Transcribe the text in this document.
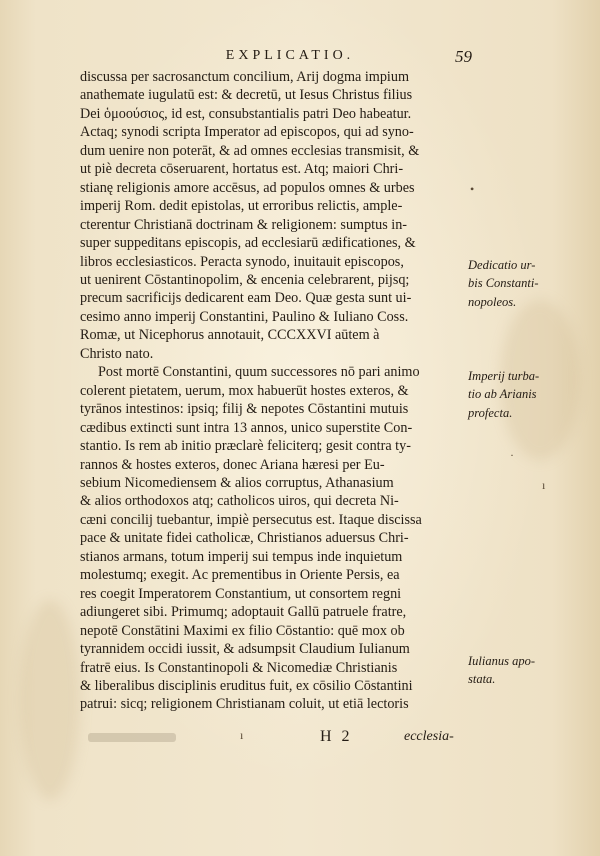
EXPLICATIO.	59
discussa per sacrosanctum concilium, Arij dogma impium
anathemate iugulatū est: & decretū, ut Iesus Christus filius
Dei ὁμοούσιος, id est, consubstantialis patri Deo habeatur.
Actaq; synodi scripta Imperator ad episcopos, qui ad syno-
dum uenire non poterāt, & ad omnes ecclesias transmisit, &
ut piè decreta cōseruarent, hortatus est. Atq; maiori Chri-
stianę religionis amore accēsus, ad populos omnes & urbes
imperij Rom. dedit epistolas, ut erroribus relictis, ample-
cterentur Christianā doctrinam & religionem: sumptus in-
super suppeditans episcopis, ad ecclesiarū ædificationes, &
libros ecclesiasticos. Peracta synodo, inuitauit episcopos,
ut uenirent Cōstantinopolim, & encenia celebrarent, pijsq;
precum sacrificijs dedicarent eam Deo. Quæ gesta sunt ui-
cesimo anno imperij Constantini, Paulino & Iuliano Coss.
Romæ, ut Nicephorus annotauit, CCCXXVI aūtem à
Christo nato.
Post mortē Constantini, quum successores nō pari animo
colerent pietatem, uerum, mox habuerūt hostes exteros, &
tyrānos intestinos: ipsiq; filij & nepotes Cōstantini mutuis
cædibus extincti sunt intra 13 annos, unico superstite Con-
stantio. Is rem ab initio præclarè feliciterq; gesit contra ty-
rannos & hostes exteros, donec Ariana hæresi per Eu-
sebium Nicomediensem & alios corruptus, Athanasium
& alios orthodoxos atq; catholicos uiros, qui decreta Ni-
cæni concilij tuebantur, impiè persecutus est. Itaque discissa
pace & unitate fidei catholicæ, Christianos aduersus Chri-
stianos armans, totum imperij sui tempus inde inquietum
molestumq; exegit. Ac prementibus in Oriente Persis, ea
res coegit Imperatorem Constantium, ut consortem regni
adiungeret sibi. Primumq; adoptauit Gallū patruele fratre,
nepotē Constātini Maximi ex filio Cōstantio: quē mox ob
tyrannidem occidi iussit, & adsumpsit Claudium Iulianum
fratrē eius. Is Constantinopoli & Nicomediæ Christianis
& liberalibus disciplinis eruditus fuit, ex cōsilio Cōstantini
patrui: sicq; religionem Christianam coluit, ut etiā lectoris
Dedicatio ur-
bis Constanti-
nopoleos.
Imperij turba-
tio ab Arianis
profecta.
Iulianus apo-
stata.
•
·
ı
ı	H 2	ecclesia-
